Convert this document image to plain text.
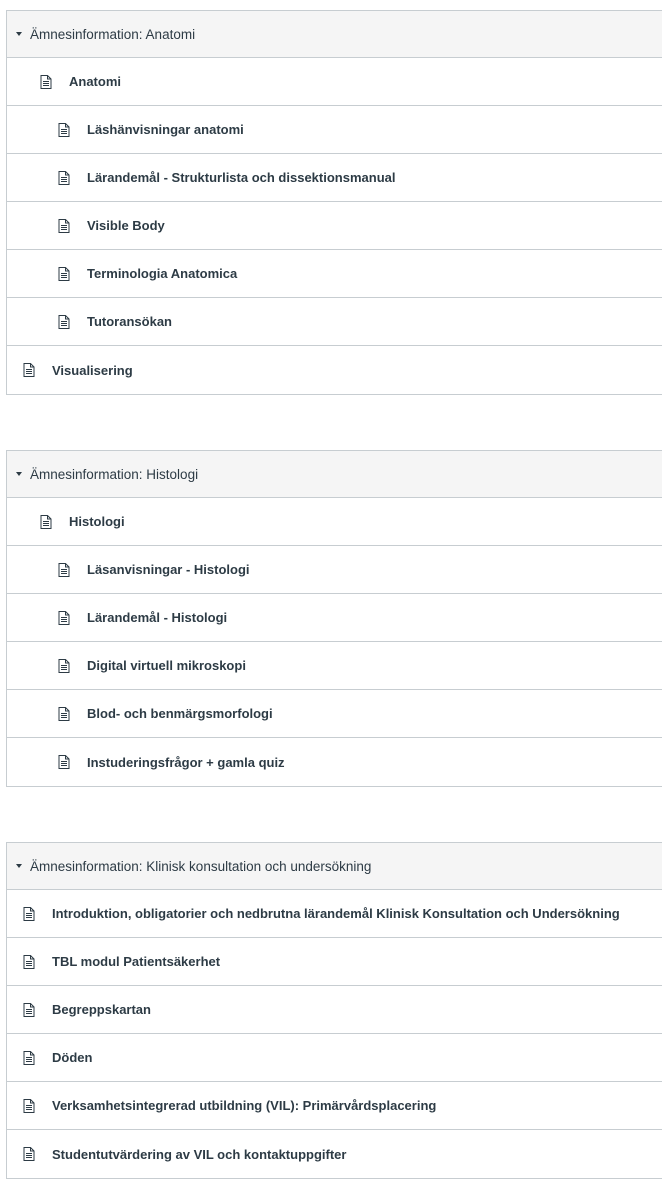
Ämnesinformation: Anatomi
Anatomi
Läshänvisningar anatomi
Lärandemål - Strukturlista och dissektionsmanual
Visible Body
Terminologia Anatomica
Tutoransökan
Visualisering
Ämnesinformation: Histologi
Histologi
Läsanvisningar - Histologi
Lärandemål - Histologi
Digital virtuell mikroskopi
Blod- och benmärgsmorfologi
Instuderingsfrågor + gamla quiz
Ämnesinformation: Klinisk konsultation och undersökning
Introduktion, obligatorier och nedbrutna lärandemål Klinisk Konsultation och Undersökning
TBL modul Patientsäkerhet
Begreppskartan
Döden
Verksamhetsintegrerad utbildning (VIL): Primärvårdsplacering
Studentutvärdering av VIL och kontaktuppgifter
